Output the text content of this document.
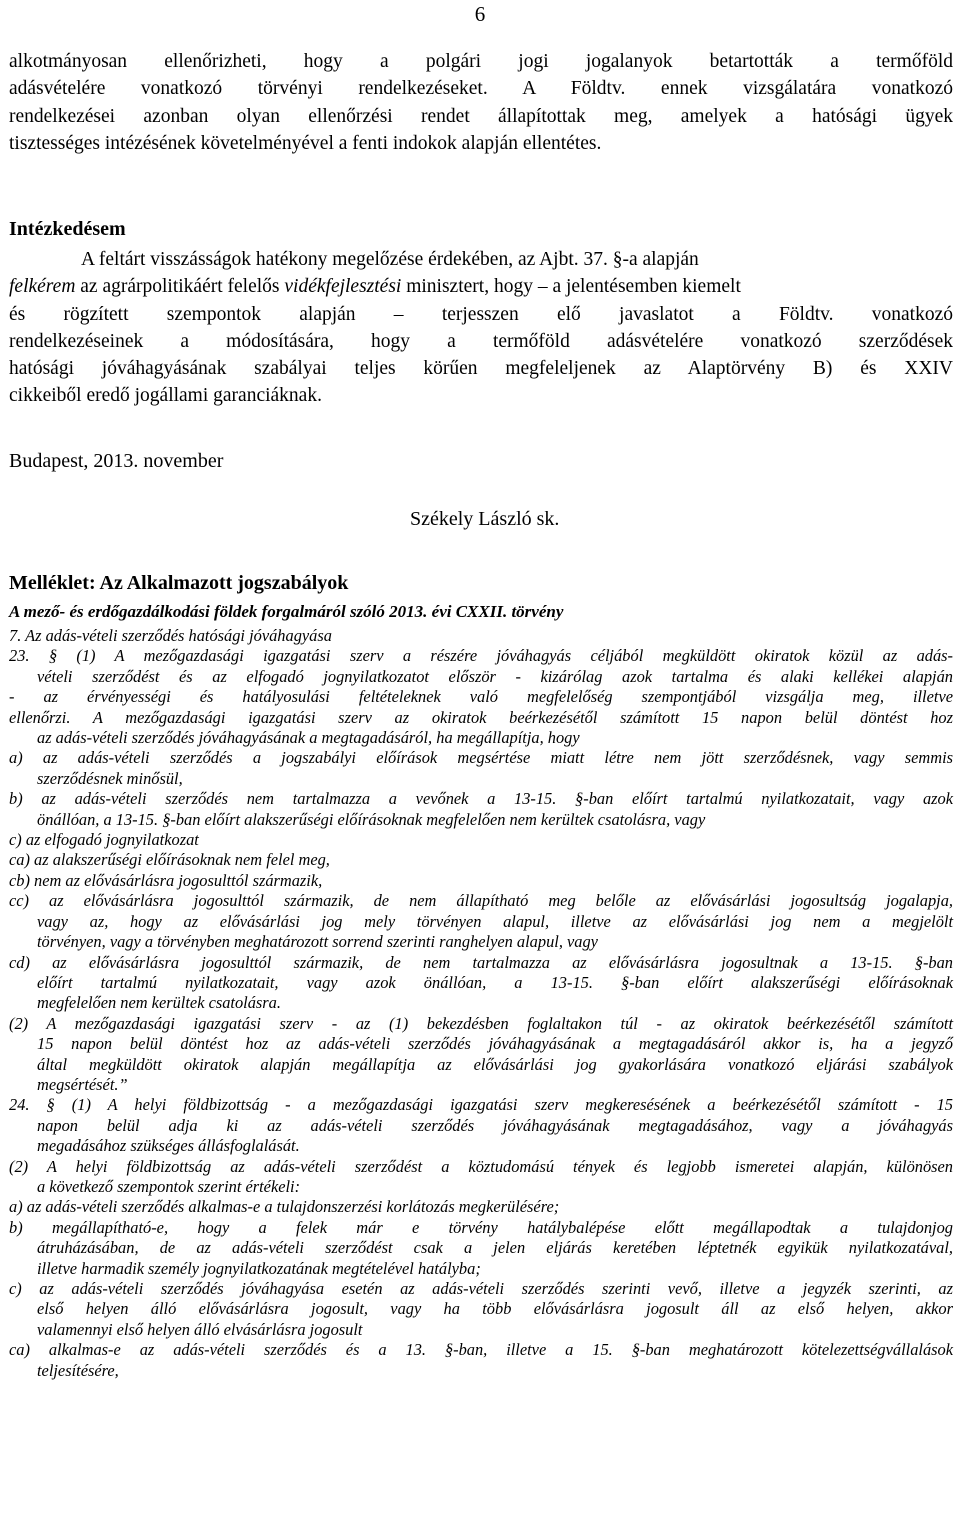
6
alkotmányosan ellenőrizheti, hogy a polgári jogi jogalanyok betartották a termőföld
adásvételére vonatkozó törvényi rendelkezéseket. A Földtv. ennek vizsgálatára vonatkozó
rendelkezései azonban olyan ellenőrzési rendet állapítottak meg, amelyek a hatósági ügyek
tisztességes intézésének követelményével a fenti indokok alapján ellentétes.
Intézkedésem
A feltárt visszásságok hatékony megelőzése érdekében, az Ajbt. 37. §-a alapján
felkérem az agrárpolitikáért felelős vidékfejlesztési minisztert, hogy – a jelentésemben kiemelt
és rögzített szempontok alapján – terjesszen elő javaslatot a Földtv. vonatkozó
rendelkezéseinek a módosítására, hogy a termőföld adásvételére vonatkozó szerződések
hatósági jóváhagyásának szabályai teljes körűen megfeleljenek az Alaptörvény B) és XXIV
cikkeiből eredő jogállami garanciáknak.
Budapest, 2013. november
Székely László sk.
Melléklet: Az Alkalmazott jogszabályok
A mező- és erdőgazdálkodási földek forgalmáról szóló 2013. évi CXXII. törvény
7. Az adás-vételi szerződés hatósági jóváhagyása
23. § (1) A mezőgazdasági igazgatási szerv a részére jóváhagyás céljából megküldött okiratok közül az adás-
vételi szerződést és az elfogadó jognyilatkozatot először - kizárólag azok tartalma és alaki kellékei alapján
- az érvényességi és hatályosulási feltételeknek való megfelelőség szempontjából vizsgálja meg, illetve
ellenőrzi. A mezőgazdasági igazgatási szerv az okiratok beérkezésétől számított 15 napon belül döntést hoz
az adás-vételi szerződés jóváhagyásának a megtagadásáról, ha megállapítja, hogy
a) az adás-vételi szerződés a jogszabályi előírások megsértése miatt létre nem jött szerződésnek, vagy semmis
szerződésnek minősül,
b) az adás-vételi szerződés nem tartalmazza a vevőnek a 13-15. §-ban előírt tartalmú nyilatkozatait, vagy azok
önállóan, a 13-15. §-ban előírt alakszerűségi előírásoknak megfelelően nem kerültek csatolásra, vagy
c) az elfogadó jognyilatkozat
ca) az alakszerűségi előírásoknak nem felel meg,
cb) nem az elővásárlásra jogosulttól származik,
cc) az elővásárlásra jogosulttól származik, de nem állapítható meg belőle az elővásárlási jogosultság jogalapja,
vagy az, hogy az elővásárlási jog mely törvényen alapul, illetve az elővásárlási jog nem a megjelölt
törvényen, vagy a törvényben meghatározott sorrend szerinti ranghelyen alapul, vagy
cd) az elővásárlásra jogosulttól származik, de nem tartalmazza az elővásárlásra jogosultnak a 13-15. §-ban
előírt tartalmú nyilatkozatait, vagy azok önállóan, a 13-15. §-ban előírt alakszerűségi előírásoknak
megfelelően nem kerültek csatolásra.
(2) A mezőgazdasági igazgatási szerv - az (1) bekezdésben foglaltakon túl - az okiratok beérkezésétől számított
15 napon belül döntést hoz az adás-vételi szerződés jóváhagyásának a megtagadásáról akkor is, ha a jegyző
által megküldött okiratok alapján megállapítja az elővásárlási jog gyakorlására vonatkozó eljárási szabályok
megsértését.”
24. § (1) A helyi földbizottság - a mezőgazdasági igazgatási szerv megkeresésének a beérkezésétől számított - 15
napon belül adja ki az adás-vételi szerződés jóváhagyásának megtagadásához, vagy a jóváhagyás
megadásához szükséges állásfoglalását.
(2) A helyi földbizottság az adás-vételi szerződést a köztudomású tények és legjobb ismeretei alapján, különösen
a következő szempontok szerint értékeli:
a) az adás-vételi szerződés alkalmas-e a tulajdonszerzési korlátozás megkerülésére;
b) megállapítható-e, hogy a felek már e törvény hatálybalépése előtt megállapodtak a tulajdonjog
átruházásában, de az adás-vételi szerződést csak a jelen eljárás keretében léptetnék egyikük nyilatkozatával,
illetve harmadik személy jognyilatkozatának megtételével hatályba;
c) az adás-vételi szerződés jóváhagyása esetén az adás-vételi szerződés szerinti vevő, illetve a jegyzék szerinti, az
első helyen álló elővásárlásra jogosult, vagy ha több elővásárlásra jogosult áll az első helyen, akkor
valamennyi első helyen álló elvásárlásra jogosult
ca) alkalmas-e az adás-vételi szerződés és a 13. §-ban, illetve a 15. §-ban meghatározott kötelezettségvállalások
teljesítésére,
